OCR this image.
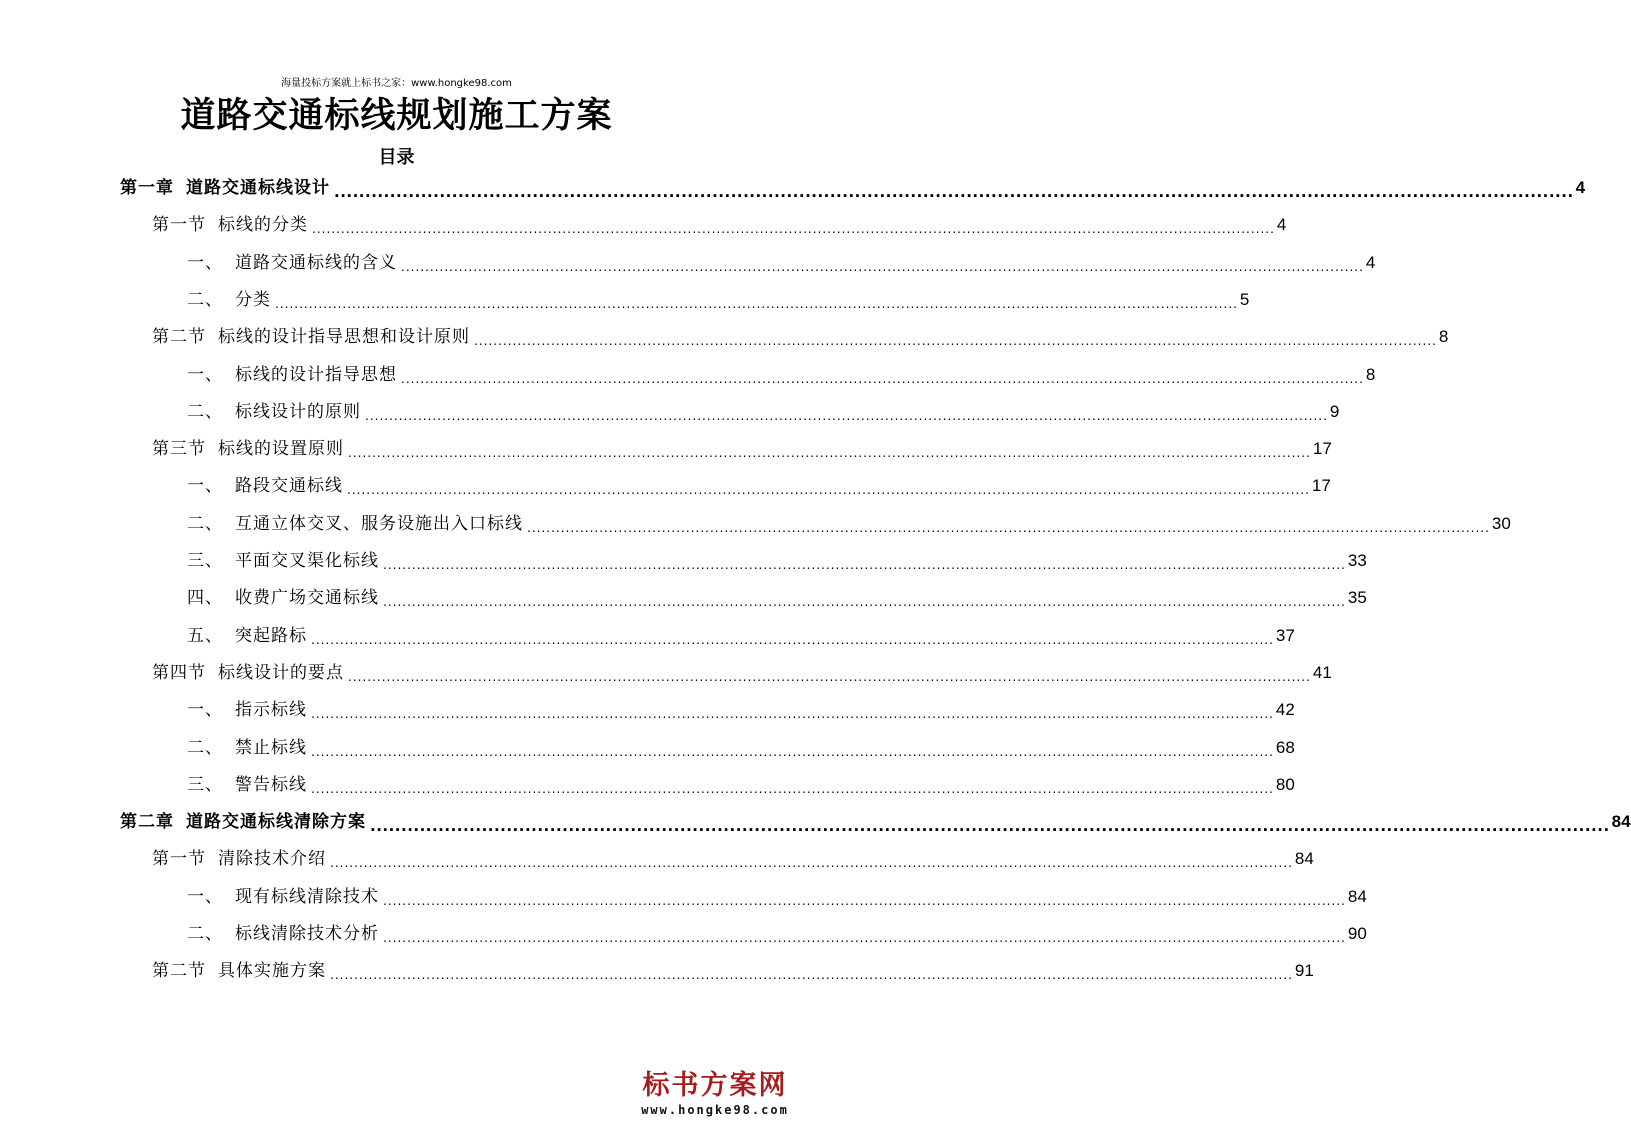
海量投标方案就上标书之家：www.hongke98.com
道路交通标线规划施工方案
目录
第一章 道路交通标线设计 ........................................................................................................................................................................................................ 4
第一节 标线的分类 ........................................................................................................................................................................................................ 4
一、 道路交通标线的含义 ........................................................................................................................................................................................................ 4
二、 分类 ........................................................................................................................................................................................................ 5
第二节 标线的设计指导思想和设计原则 ........................................................................................................................................................................................................ 8
一、 标线的设计指导思想 ........................................................................................................................................................................................................ 8
二、 标线设计的原则 ........................................................................................................................................................................................................ 9
第三节 标线的设置原则 ........................................................................................................................................................................................................ 17
一、 路段交通标线 ........................................................................................................................................................................................................ 17
二、 互通立体交叉、服务设施出入口标线 ........................................................................................................................................................................................................ 30
三、 平面交叉渠化标线 ........................................................................................................................................................................................................ 33
四、 收费广场交通标线 ........................................................................................................................................................................................................ 35
五、 突起路标 ........................................................................................................................................................................................................ 37
第四节 标线设计的要点 ........................................................................................................................................................................................................ 41
一、 指示标线 ........................................................................................................................................................................................................ 42
二、 禁止标线 ........................................................................................................................................................................................................ 68
三、 警告标线 ........................................................................................................................................................................................................ 80
第二章 道路交通标线清除方案 ........................................................................................................................................................................................................ 84
第一节 清除技术介绍 ........................................................................................................................................................................................................ 84
一、 现有标线清除技术 ........................................................................................................................................................................................................ 84
二、 标线清除技术分析 ........................................................................................................................................................................................................ 90
第二节 具体实施方案 ........................................................................................................................................................................................................ 91
标书方案网
www.hongke98.com
